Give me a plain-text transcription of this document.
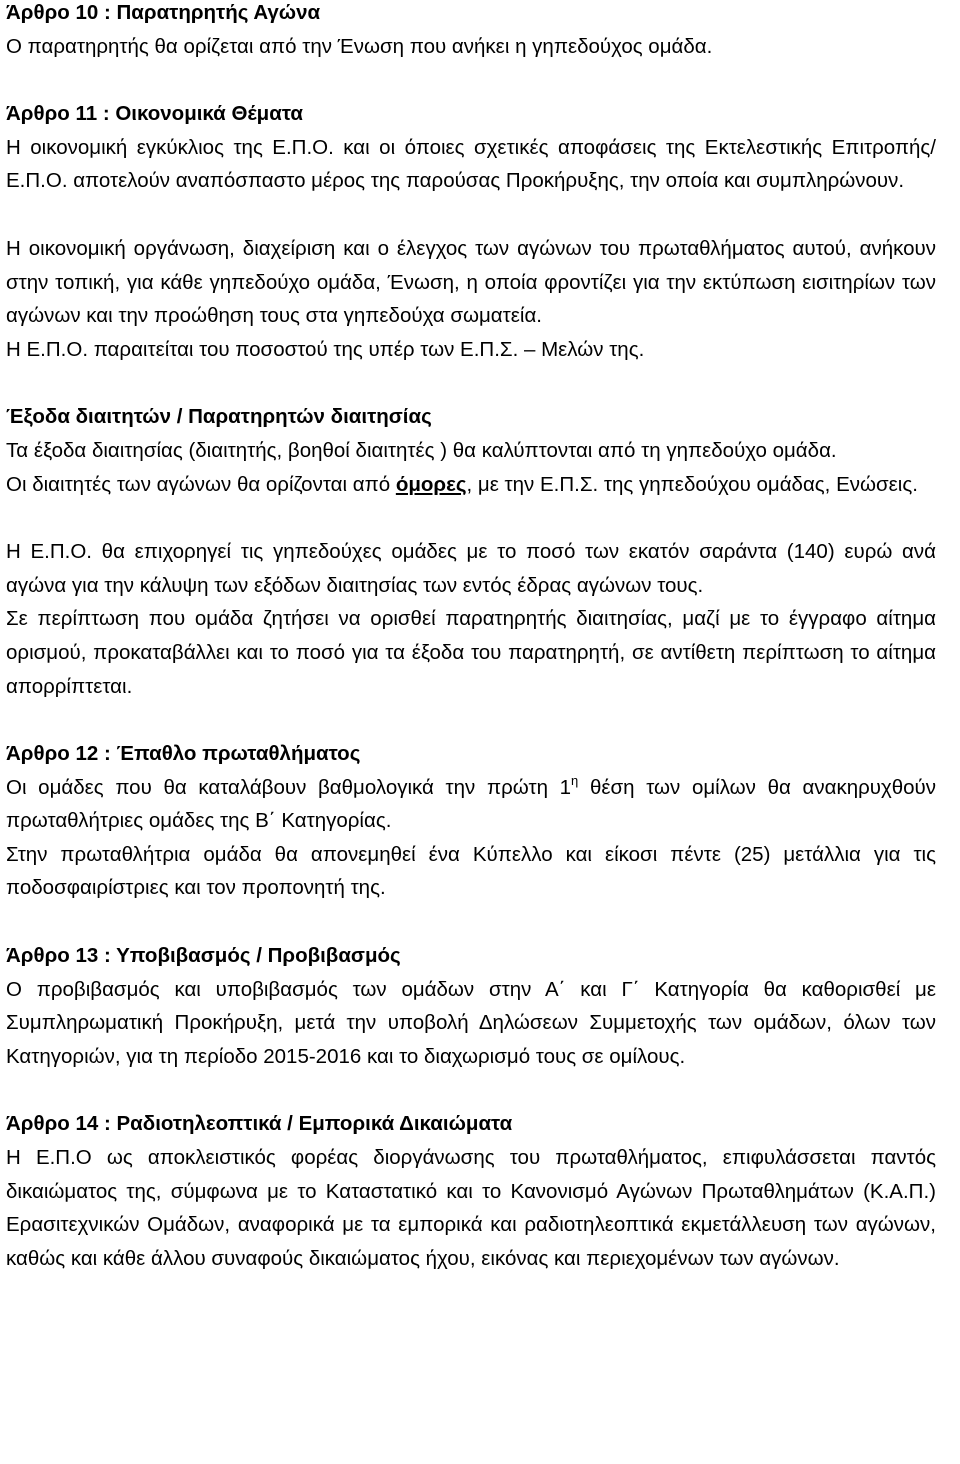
Άρθρο 10 : Παρατηρητής Αγώνα

Ο παρατηρητής θα ορίζεται από την Ένωση που ανήκει η γηπεδούχος ομάδα.

Άρθρο 11 : Οικονομικά Θέματα

Η οικονομική εγκύκλιος της Ε.Π.Ο. και οι όποιες σχετικές αποφάσεις της Εκτελεστικής Επιτροπής/Ε.Π.Ο. αποτελούν αναπόσπαστο μέρος της παρούσας Προκήρυξης, την οποία και συμπληρώνουν.

Η οικονομική οργάνωση, διαχείριση και ο έλεγχος των αγώνων του πρωταθλήματος αυτού, ανήκουν στην τοπική, για κάθε γηπεδούχο ομάδα, Ένωση, η οποία φροντίζει για την εκτύπωση εισιτηρίων των αγώνων και την προώθηση τους στα γηπεδούχα σωματεία.

Η Ε.Π.Ο. παραιτείται του ποσοστού της υπέρ των Ε.Π.Σ. – Μελών της.

Έξοδα διαιτητών / Παρατηρητών διαιτησίας

Τα έξοδα διαιτησίας (διαιτητής, βοηθοί διαιτητές ) θα καλύπτονται από τη γηπεδούχο ομάδα.

Οι διαιτητές των αγώνων θα ορίζονται από όμορες, με την Ε.Π.Σ. της γηπεδούχου ομάδας, Ενώσεις.

Η Ε.Π.Ο. θα επιχορηγεί τις γηπεδούχες ομάδες με το ποσό των εκατόν σαράντα (140) ευρώ ανά αγώνα για την κάλυψη των εξόδων διαιτησίας των εντός έδρας αγώνων τους.

Σε περίπτωση που ομάδα ζητήσει να ορισθεί παρατηρητής διαιτησίας, μαζί με το έγγραφο αίτημα ορισμού, προκαταβάλλει και το ποσό για τα έξοδα του παρατηρητή, σε αντίθετη περίπτωση το αίτημα απορρίπτεται.

Άρθρο 12 : Έπαθλο πρωταθλήματος

Οι ομάδες που θα καταλάβουν βαθμολογικά την πρώτη $1^\eta$ θέση των ομίλων θα ανακηρυχθούν πρωταθλήτριες ομάδες της Β΄ Κατηγορίας.

Στην πρωταθλήτρια ομάδα θα απονεμηθεί ένα Κύπελλο και είκοσι πέντε (25) μετάλλια για τις ποδοσφαιρίστριες και τον προπονητή της.

Άρθρο 13 : Υποβιβασμός / Προβιβασμός

Ο προβιβασμός και υποβιβασμός των ομάδων στην Α΄ και Γ΄ Κατηγορία θα καθορισθεί με Συμπληρωματική Προκήρυξη, μετά την υποβολή Δηλώσεων Συμμετοχής των ομάδων, όλων των Κατηγοριών, για τη περίοδο 2015-2016 και το διαχωρισμό τους σε ομίλους.

Άρθρο 14 : Ραδιοτηλεοπτικά / Εμπορικά Δικαιώματα

Η Ε.Π.Ο ως αποκλειστικός φορέας διοργάνωσης του πρωταθλήματος, επιφυλάσσεται παντός δικαιώματος της, σύμφωνα με το Καταστατικό και το Κανονισμό Αγώνων Πρωταθλημάτων (Κ.Α.Π.) Ερασιτεχνικών Ομάδων, αναφορικά με τα εμπορικά και ραδιοτηλεοπτικά εκμετάλλευση των αγώνων, καθώς και κάθε άλλου συναφούς δικαιώματος ήχου, εικόνας και περιεχομένων των αγώνων.
